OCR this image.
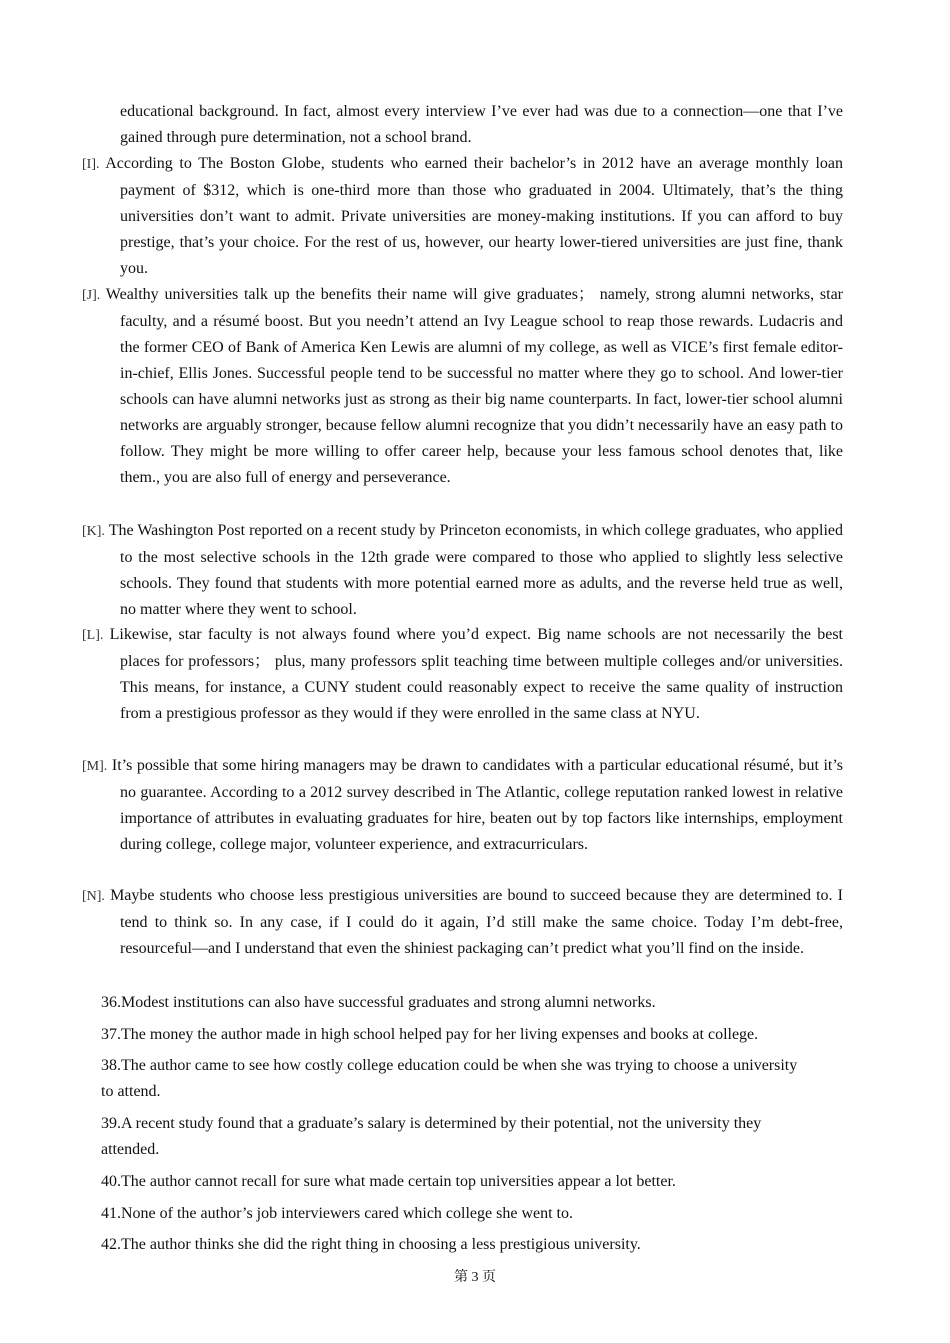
educational background. In fact, almost every interview I’ve ever had was due to a connection—one that I’ve gained through pure determination, not a school brand.
[I]. According to The Boston Globe, students who earned their bachelor’s in 2012 have an average monthly loan payment of $312, which is one-third more than those who graduated in 2004. Ultimately, that’s the thing universities don’t want to admit. Private universities are money-making institutions. If you can afford to buy prestige, that’s your choice. For the rest of us, however, our hearty lower-tiered universities are just fine, thank you.
[J]. Wealthy universities talk up the benefits their name will give graduates； namely, strong alumni networks, star faculty, and a résumé boost. But you needn’t attend an Ivy League school to reap those rewards. Ludacris and the former CEO of Bank of America Ken Lewis are alumni of my college, as well as VICE’s first female editor-in-chief, Ellis Jones. Successful people tend to be successful no matter where they go to school. And lower-tier schools can have alumni networks just as strong as their big name counterparts. In fact, lower-tier school alumni networks are arguably stronger, because fellow alumni recognize that you didn’t necessarily have an easy path to follow. They might be more willing to offer career help, because your less famous school denotes that, like them., you are also full of energy and perseverance.
[K]. The Washington Post reported on a recent study by Princeton economists, in which college graduates, who applied to the most selective schools in the 12th grade were compared to those who applied to slightly less selective schools. They found that students with more potential earned more as adults, and the reverse held true as well, no matter where they went to school.
[L]. Likewise, star faculty is not always found where you’d expect. Big name schools are not necessarily the best places for professors； plus, many professors split teaching time between multiple colleges and/or universities. This means, for instance, a CUNY student could reasonably expect to receive the same quality of instruction from a prestigious professor as they would if they were enrolled in the same class at NYU.
[M]. It’s possible that some hiring managers may be drawn to candidates with a particular educational résumé, but it’s no guarantee. According to a 2012 survey described in The Atlantic, college reputation ranked lowest in relative importance of attributes in evaluating graduates for hire, beaten out by top factors like internships, employment during college, college major, volunteer experience, and extracurriculars.
[N]. Maybe students who choose less prestigious universities are bound to succeed because they are determined to. I tend to think so. In any case, if I could do it again, I’d still make the same choice. Today I’m debt-free, resourceful—and I understand that even the shiniest packaging can’t predict what you’ll find on the inside.
36.Modest institutions can also have successful graduates and strong alumni networks.
37.The money the author made in high school helped pay for her living expenses and books at college.
38.The author came to see how costly college education could be when she was trying to choose a university to attend.
39.A recent study found that a graduate’s salary is determined by their potential, not the university they attended.
40.The author cannot recall for sure what made certain top universities appear a lot better.
41.None of the author’s job interviewers cared which college she went to.
42.The author thinks she did the right thing in choosing a less prestigious university.
第 3 页
